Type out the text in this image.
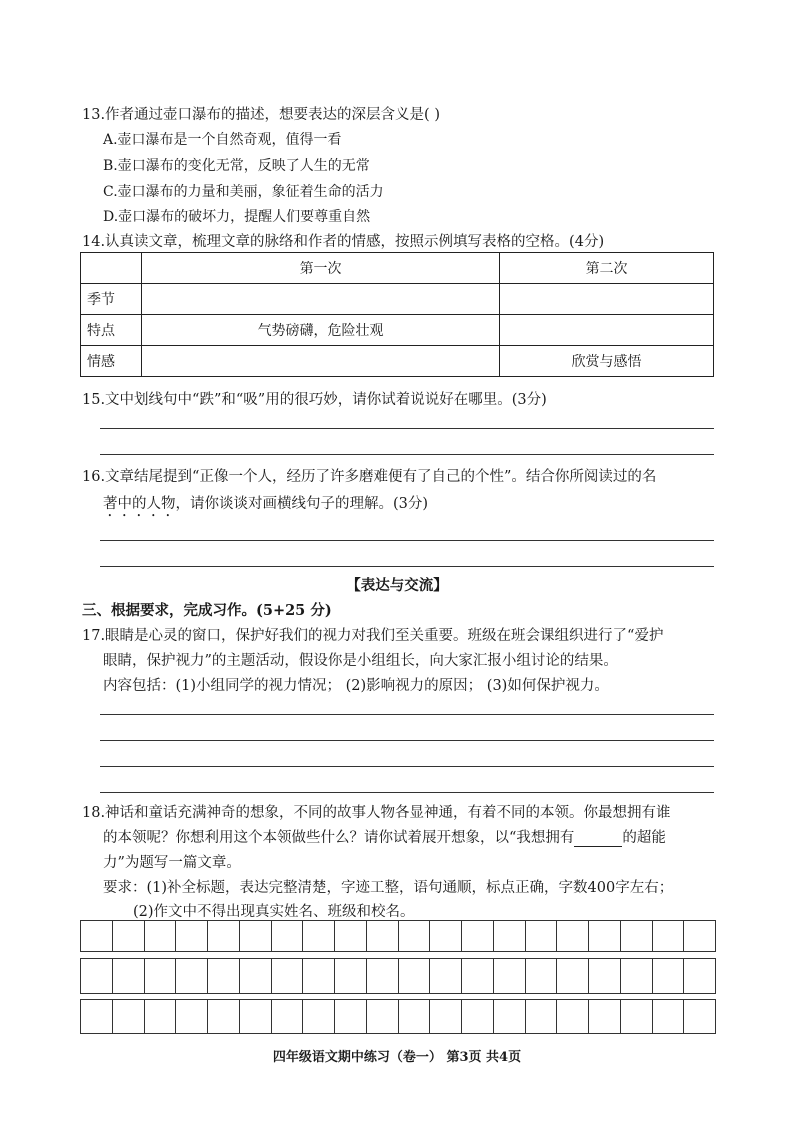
13.作者通过壶口瀑布的描述，想要表达的深层含义是( )
A.壶口瀑布是一个自然奇观，值得一看
B.壶口瀑布的变化无常，反映了人生的无常
C.壶口瀑布的力量和美丽，象征着生命的活力
D.壶口瀑布的破坏力，提醒人们要尊重自然
14.认真读文章，梳理文章的脉络和作者的情感，按照示例填写表格的空格。(4分)
	第一次	第二次
季节		
特点	气势磅礴，危险壮观	
情感		欣赏与感悟
15.文中划线句中“跌”和“吸”用的很巧妙，请你试着说说好在哪里。(3分)
16.文章结尾提到“正像一个人，经历了许多磨难便有了自己的个性”。结合你所阅读过的名
著中的人物，请你谈谈对画横线句子的理解。(3分)
【表达与交流】
三、根据要求，完成习作。(5+25 分)
17.眼睛是心灵的窗口，保护好我们的视力对我们至关重要。班级在班会课组织进行了“爱护
眼睛，保护视力”的主题活动，假设你是小组组长，向大家汇报小组讨论的结果。
内容包括：(1)小组同学的视力情况； (2)影响视力的原因； (3)如何保护视力。
18.神话和童话充满神奇的想象，不同的故事人物各显神通，有着不同的本领。你最想拥有谁
的本领呢？你想利用这个本领做些什么？请你试着展开想象，以“我想拥有	的超能
力”为题写一篇文章。
要求：(1)补全标题，表达完整清楚，字迹工整，语句通顺，标点正确，字数400字左右；
(2)作文中不得出现真实姓名、班级和校名。
四年级语文期中练习（卷一） 第3页 共4页
